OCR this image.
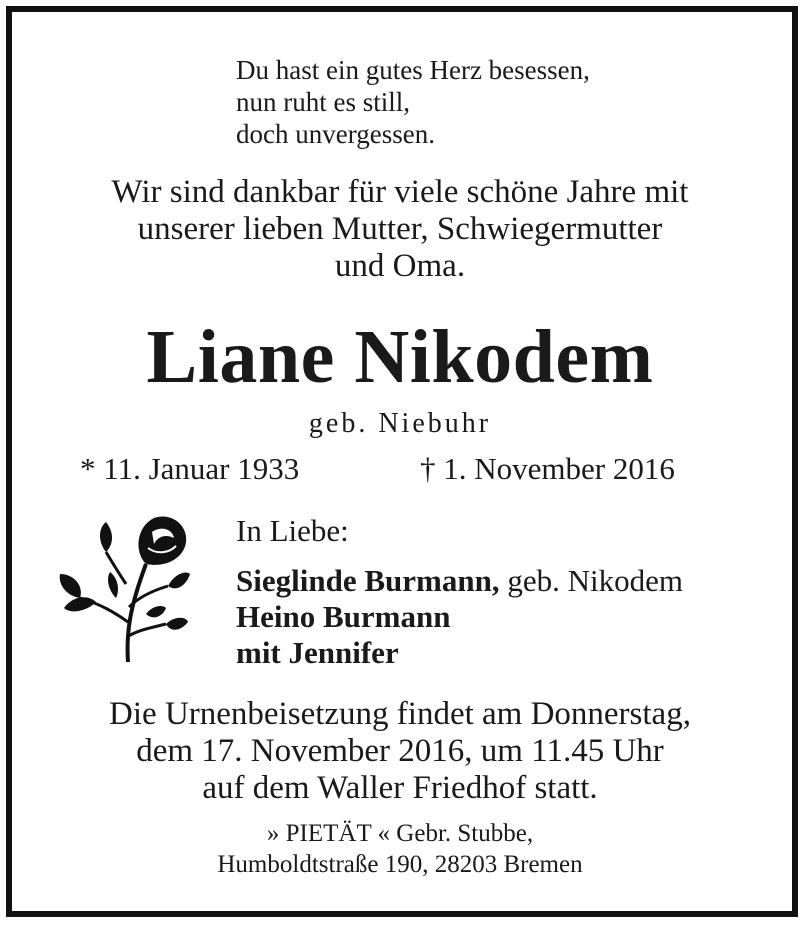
Du hast ein gutes Herz besessen,
nun ruht es still,
doch unvergessen.
Wir sind dankbar für viele schöne Jahre mit
unserer lieben Mutter, Schwiegermutter
und Oma.
Liane Nikodem
geb. Niebuhr
* 11. Januar 1933	† 1. November 2016
In Liebe:
Sieglinde Burmann, geb. Nikodem
Heino Burmann
mit Jennifer
Die Urnenbeisetzung findet am Donnerstag,
dem 17. November 2016, um 11.45 Uhr
auf dem Waller Friedhof statt.
» PIETÄT « Gebr. Stubbe,
Humboldtstraße 190, 28203 Bremen
